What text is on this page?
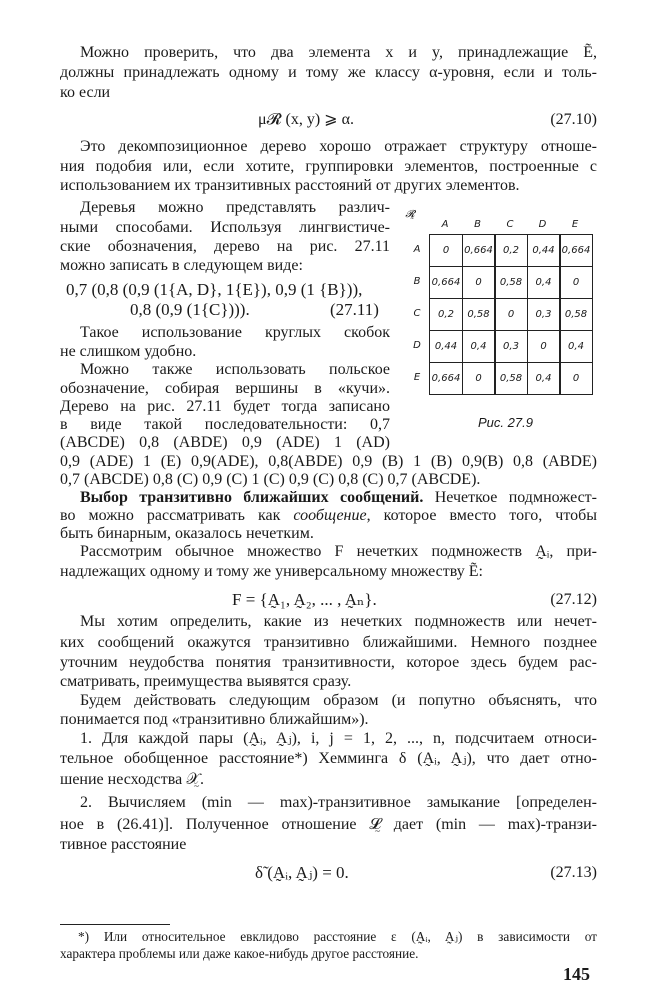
Можно проверить, что два элемента x и y, принадлежащие Ẽ,
должны принадлежать одному и тому же классу α-уровня, если и толь-
ко если
μ𝓡 (x, y) ⩾ α.	(27.10)
Это декомпозиционное дерево хорошо отражает структуру отноше-
ния подобия или, если хотите, группировки элементов, построенные с
использованием их транзитивных расстояний от других элементов.
Деревья можно представлять различ-
ными способами. Используя лингвистиче-
ские обозначения, дерево на рис. 27.11
можно записать в следующем виде:
0,7 (0,8 (0,9 (1{A, D}, 1{E}), 0,9 (1 {B})),
0,8 (0,9 (1{C}))).	(27.11)
Такое использование круглых скобок
не слишком удобно.
Можно также использовать польское
обозначение, собирая вершины в «кучи».
Дерево на рис. 27.11 будет тогда записано
в виде такой последовательности: 0,7
(ABCDE) 0,8 (ABDE) 0,9 (ADE) 1 (AD)
0,9 (ADE) 1 (E) 0,9(ADE), 0,8(ABDE) 0,9 (B) 1 (B) 0,9(B) 0,8 (ABDE)
0,7 (ABCDE) 0,8 (C) 0,9 (C) 1 (C) 0,9 (C) 0,8 (C) 0,7 (ABCDE).
Выбор транзитивно ближайших сообщений. Нечеткое подмножест-
во можно рассматривать как сообщение, которое вместо того, чтобы
быть бинарным, оказалось нечетким.
Рассмотрим обычное множество F нечетких подмножеств A̰ᵢ, при-
надлежащих одному и тому же универсальному множеству Ẽ:
F = {A̰₁, A̰₂, ... , A̰ₙ}.	(27.12)
Мы хотим определить, какие из нечетких подмножеств или нечет-
ких сообщений окажутся транзитивно ближайшими. Немного позднее
уточним неудобства понятия транзитивности, которое здесь будем рас-
сматривать, преимущества выявятся сразу.
Будем действовать следующим образом (и попутно объяснять, что
понимается под «транзитивно ближайшим»).
1. Для каждой пары (A̰ᵢ, A̰ⱼ), i, j = 1, 2, ..., n, подсчитаем относи-
тельное обобщенное расстояние*) Хемминга δ (A̰ᵢ, A̰ⱼ), что дает отно-
шение несходства 𝒳̰.
2. Вычисляем (min — max)-транзитивное замыкание [определен-
ное в (26.41)]. Полученное отношение 𝓛̰ дает (min — max)-транзи-
тивное расстояние
δ̃ (A̰ᵢ, A̰ⱼ) = 0.	(27.13)
𝓡̰
A	B	C	D	E
A	0	0,664	0,2	0,44 0,664
B	0,664	0	0,58	0,4	0
C	0,2	0,58	0	0,3	0,58
D	0,44	0,4	0,3	0	0,4
E	0,664	0	0,58	0,4	0
Рис. 27.9
*) Или относительное евклидово расстояние ε (A̰ᵢ, A̰ⱼ) в зависимости от
характера проблемы или даже какое-нибудь другое расстояние.
145
